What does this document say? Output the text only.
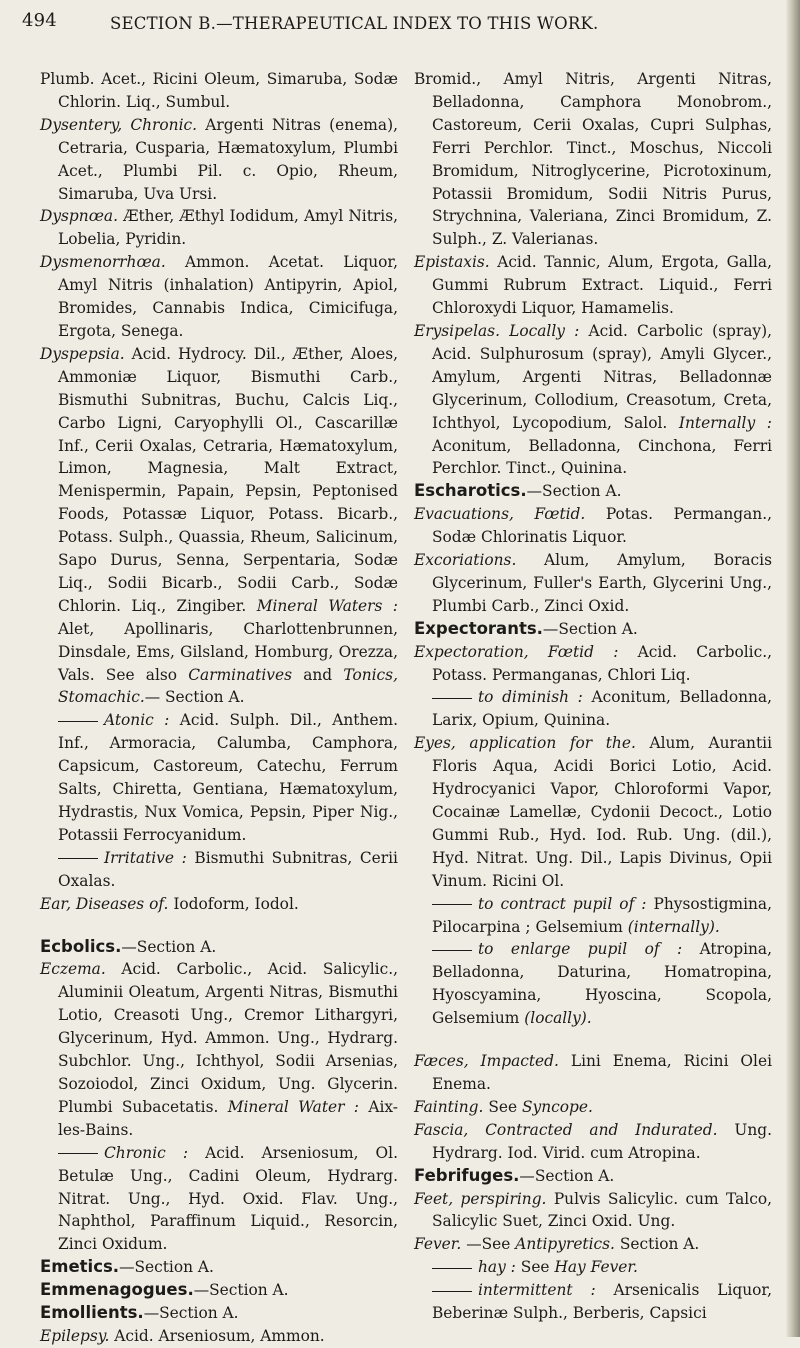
494	SECTION B.—THERAPEUTICAL INDEX TO THIS WORK.

Plumb. Acet., Ricini Oleum, Simaruba, Sodæ Chlorin. Liq., Sumbul.

Dysentery, Chronic. Argenti Nitras (enema), Cetraria, Cusparia, Hæmatoxylum, Plumbi Acet., Plumbi Pil. c. Opio, Rheum, Simaruba, Uva Ursi.

Dyspnœa. Æther, Æthyl Iodidum, Amyl Nitris, Lobelia, Pyridin.

Dysmenorrhœa. Ammon. Acetat. Liquor, Amyl Nitris (inhalation) Antipyrin, Apiol, Bromides, Cannabis Indica, Cimicifuga, Ergota, Senega.

Dyspepsia. Acid. Hydrocy. Dil., Æther, Aloes, Ammoniæ Liquor, Bismuthi Carb., Bismuthi Subnitras, Buchu, Calcis Liq., Carbo Ligni, Caryophylli Ol., Cascarillæ Inf., Cerii Oxalas, Cetraria, Hæmatoxylum, Limon, Magnesia, Malt Extract, Menispermin, Papain, Pepsin, Peptonised Foods, Potassæ Liquor, Potass. Bicarb., Potass. Sulph., Quassia, Rheum, Salicinum, Sapo Durus, Senna, Serpentaria, Sodæ Liq., Sodii Bicarb., Sodii Carb., Sodæ Chlorin. Liq., Zingiber. Mineral Waters : Alet, Apollinaris, Charlottenbrunnen, Dinsdale, Ems, Gilsland, Homburg, Orezza, Vals. See also Carminatives and Tonics, Stomachic.— Section A.

Atonic : Acid. Sulph. Dil., Anthem. Inf., Armoracia, Calumba, Camphora, Capsicum, Castoreum, Catechu, Ferrum Salts, Chiretta, Gentiana, Hæmatoxylum, Hydrastis, Nux Vomica, Pepsin, Piper Nig., Potassii Ferrocyanidum.

Irritative : Bismuthi Subnitras, Cerii Oxalas.

Ear, Diseases of. Iodoform, Iodol.

Ecbolics.—Section A.

Eczema. Acid. Carbolic., Acid. Salicylic., Aluminii Oleatum, Argenti Nitras, Bismuthi Lotio, Creasoti Ung., Cremor Lithargyri, Glycerinum, Hyd. Ammon. Ung., Hydrarg. Subchlor. Ung., Ichthyol, Sodii Arsenias, Sozoiodol, Zinci Oxidum, Ung. Glycerin. Plumbi Subacetatis. Mineral Water : Aix-les-Bains.

Chronic : Acid. Arseniosum, Ol. Betulæ Ung., Cadini Oleum, Hydrarg. Nitrat. Ung., Hyd. Oxid. Flav. Ung., Naphthol, Paraffinum Liquid., Resorcin, Zinci Oxidum.

Emetics.—Section A.

Emmenagogues.—Section A.

Emollients.—Section A.

Epilepsy. Acid. Arseniosum, Ammon.

Bromid., Amyl Nitris, Argenti Nitras, Belladonna, Camphora Monobrom., Castoreum, Cerii Oxalas, Cupri Sulphas, Ferri Perchlor. Tinct., Moschus, Niccoli Bromidum, Nitroglycerine, Picrotoxinum, Potassii Bromidum, Sodii Nitris Purus, Strychnina, Valeriana, Zinci Bromidum, Z. Sulph., Z. Valerianas.

Epistaxis. Acid. Tannic, Alum, Ergota, Galla, Gummi Rubrum Extract. Liquid., Ferri Chloroxydi Liquor, Hamamelis.

Erysipelas. Locally : Acid. Carbolic (spray), Acid. Sulphurosum (spray), Amyli Glycer., Amylum, Argenti Nitras, Belladonnæ Glycerinum, Collodium, Creasotum, Creta, Ichthyol, Lycopodium, Salol. Internally : Aconitum, Belladonna, Cinchona, Ferri Perchlor. Tinct., Quinina.

Escharotics.—Section A.

Evacuations, Fœtid. Potas. Permangan., Sodæ Chlorinatis Liquor.

Excoriations. Alum, Amylum, Boracis Glycerinum, Fuller's Earth, Glycerini Ung., Plumbi Carb., Zinci Oxid.

Expectorants.—Section A.

Expectoration, Fœtid : Acid. Carbolic., Potass. Permanganas, Chlori Liq.

to diminish : Aconitum, Belladonna, Larix, Opium, Quinina.

Eyes, application for the. Alum, Aurantii Floris Aqua, Acidi Borici Lotio, Acid. Hydrocyanici Vapor, Chloroformi Vapor, Cocainæ Lamellæ, Cydonii Decoct., Lotio Gummi Rub., Hyd. Iod. Rub. Ung. (dil.), Hyd. Nitrat. Ung. Dil., Lapis Divinus, Opii Vinum. Ricini Ol.

to contract pupil of : Physostigmina, Pilocarpina ; Gelsemium (internally).

to enlarge pupil of : Atropina, Belladonna, Daturina, Homatropina, Hyoscyamina, Hyoscina, Scopola, Gelsemium (locally).

Fæces, Impacted. Lini Enema, Ricini Olei Enema.

Fainting. See Syncope.

Fascia, Contracted and Indurated. Ung. Hydrarg. Iod. Virid. cum Atropina.

Febrifuges.—Section A.

Feet, perspiring. Pulvis Salicylic. cum Talco, Salicylic Suet, Zinci Oxid. Ung.

Fever. —See Antipyretics. Section A.

hay : See Hay Fever.

intermittent : Arsenicalis Liquor, Beberinæ Sulph., Berberis, Capsici
